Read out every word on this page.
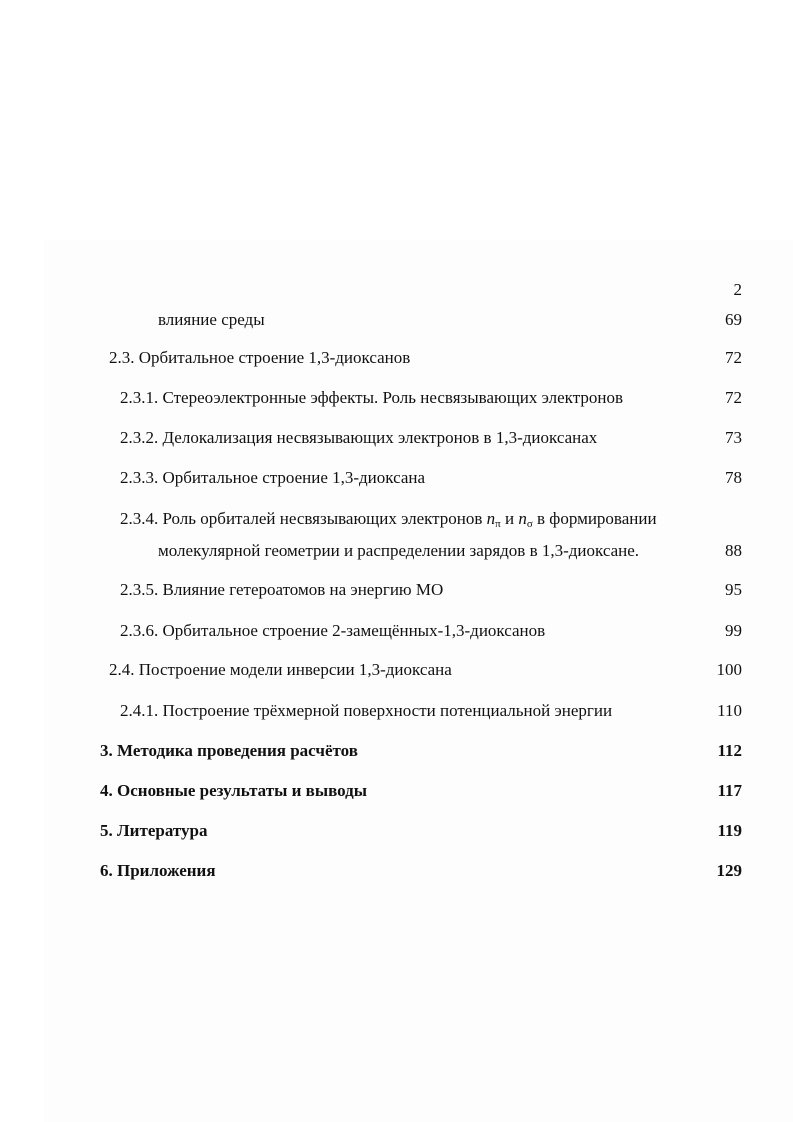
2
влияние среды	69
2.3. Орбитальное строение 1,3-диоксанов	72
2.3.1. Стереоэлектронные эффекты. Роль несвязывающих электронов	72
2.3.2. Делокализация несвязывающих электронов в 1,3-диоксанах	73
2.3.3. Орбитальное строение 1,3-диоксана	78
2.3.4. Роль орбиталей несвязывающих электронов $n_\pi$ и $n_\sigma$ в формировании
молекулярной геометрии и распределении зарядов в 1,3-диоксане.	88
2.3.5. Влияние гетероатомов на энергию МО	95
2.3.6. Орбитальное строение 2-замещённых-1,3-диоксанов	99
2.4. Построение модели инверсии 1,3-диоксана	100
2.4.1. Построение трёхмерной поверхности потенциальной энергии	110
3. Методика проведения расчётов	112
4. Основные результаты и выводы	117
5. Литература	119
6. Приложения	129
